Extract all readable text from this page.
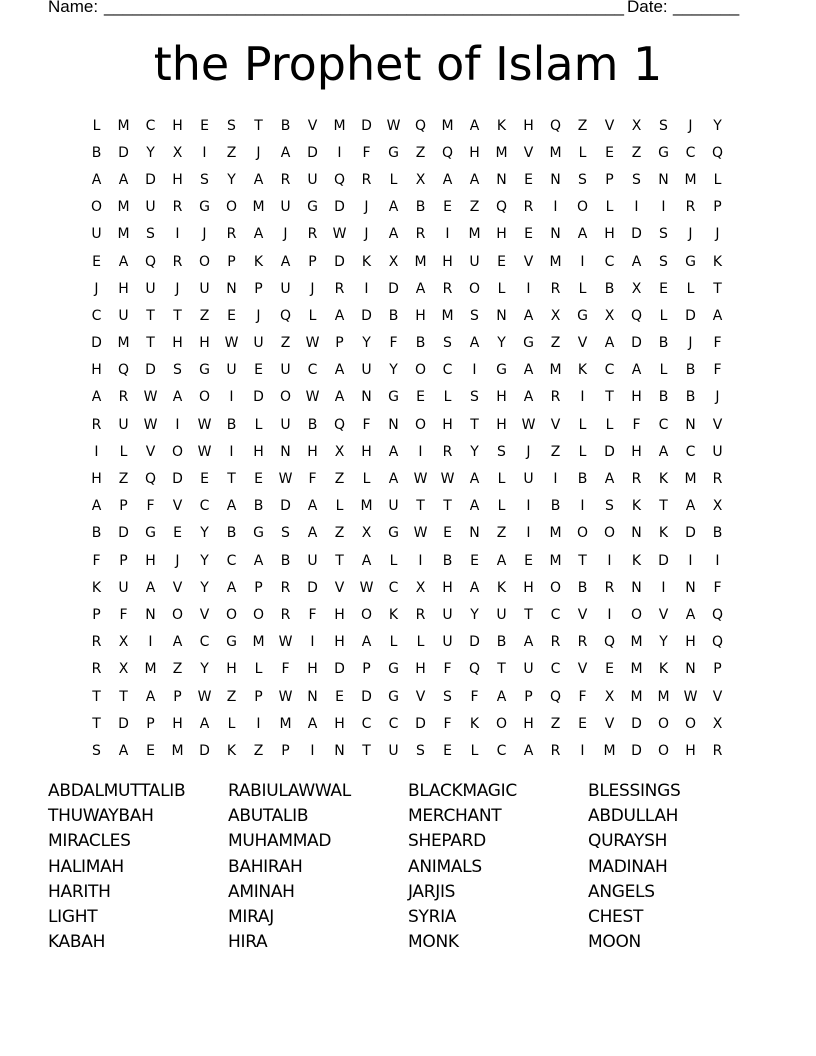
Name: _______________________________________________________ Date: _______
the Prophet of Islam 1
L	M	C	H	E	S	T	B	V	M	D	W	Q	M	A	K	H	Q	Z	V	X	S	J	Y
B	D	Y	X	I	Z	J	A	D	I	F	G	Z	Q	H	M	V	M	L	E	Z	G	C	Q
A	A	D	H	S	Y	A	R	U	Q	R	L	X	A	A	N	E	N	S	P	S	N	M	L
O	M	U	R	G	O	M	U	G	D	J	A	B	E	Z	Q	R	I	O	L	I	I	R	P
U	M	S	I	J	R	A	J	R	W	J	A	R	I	M	H	E	N	A	H	D	S	J	J
E	A	Q	R	O	P	K	A	P	D	K	X	M	H	U	E	V	M	I	C	A	S	G	K
J	H	U	J	U	N	P	U	J	R	I	D	A	R	O	L	I	R	L	B	X	E	L	T
C	U	T	T	Z	E	J	Q	L	A	D	B	H	M	S	N	A	X	G	X	Q	L	D	A
D	M	T	H	H	W	U	Z	W	P	Y	F	B	S	A	Y	G	Z	V	A	D	B	J	F
H	Q	D	S	G	U	E	U	C	A	U	Y	O	C	I	G	A	M	K	C	A	L	B	F
A	R	W	A	O	I	D	O	W	A	N	G	E	L	S	H	A	R	I	T	H	B	B	J
R	U	W	I	W	B	L	U	B	Q	F	N	O	H	T	H	W	V	L	L	F	C	N	V
I	L	V	O	W	I	H	N	H	X	H	A	I	R	Y	S	J	Z	L	D	H	A	C	U
H	Z	Q	D	E	T	E	W	F	Z	L	A	W W	A	L	U	I	B	A	R	K	M	R
A	P	F	V	C	A	B	D	A	L	M	U	T	T	A	L	I	B	I	S	K	T	A	X
B	D	G	E	Y	B	G	S	A	Z	X	G	W	E	N	Z	I	M	O	O	N	K	D	B
F	P	H	J	Y	C	A	B	U	T	A	L	I	B	E	A	E	M	T	I	K	D	I	I
K	U	A	V	Y	A	P	R	D	V	W	C	X	H	A	K	H	O	B	R	N	I	N	F
P	F	N	O	V	O	O	R	F	H	O	K	R	U	Y	U	T	C	V	I	O	V	A	Q
R	X	I	A	C	G	M	W	I	H	A	L	L	U	D	B	A	R	R	Q	M	Y	H	Q
R	X	M	Z	Y	H	L	F	H	D	P	G	H	F	Q	T	U	C	V	E	M	K	N	P
T	T	A	P	W	Z	P	W	N	E	D	G	V	S	F	A	P	Q	F	X	M	M	W	V
T	D	P	H	A	L	I	M	A	H	C	C	D	F	K	O	H	Z	E	V	D	O	O	X
S	A	E	M	D	K	Z	P	I	N	T	U	S	E	L	C	A	R	I	M	D	O	H	R
ABDALMUTTALIB	RABIULAWWAL	BLACKMAGIC	BLESSINGS
THUWAYBAH	ABUTALIB	MERCHANT	ABDULLAH
MIRACLES	MUHAMMAD	SHEPARD	QURAYSH
HALIMAH	BAHIRAH	ANIMALS	MADINAH
HARITH	AMINAH	JARJIS	ANGELS
LIGHT	MIRAJ	SYRIA	CHEST
KABAH	HIRA	MONK	MOON
